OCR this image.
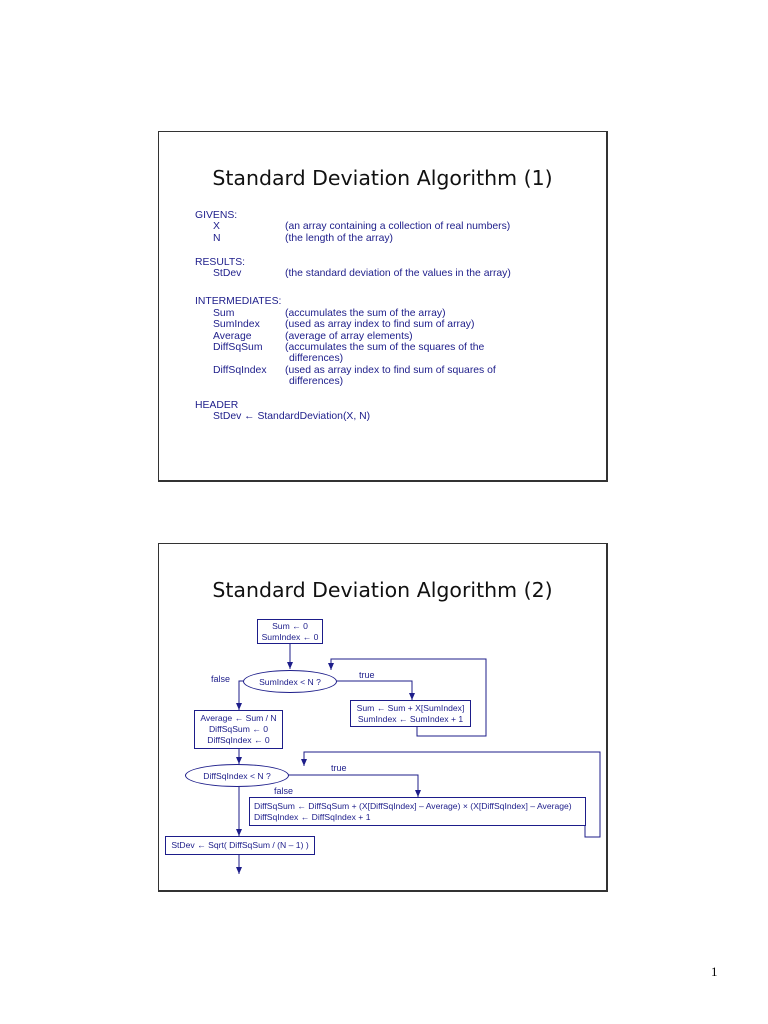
Standard Deviation Algorithm (1)
GIVENS:
X	(an array containing a collection of real numbers)
N	(the length of the array)
RESULTS:
StDev	(the standard deviation of the values in the array)
INTERMEDIATES:
Sum	(accumulates the sum of the array)
SumIndex (used as array index to find sum of array)
Average	(average of array elements)
DiffSqSum (accumulates the sum of the squares of the
differences)
DiffSqIndex (used as array index to find sum of squares of
differences)
HEADER
StDev ← StandardDeviation(X, N)
Standard Deviation Algorithm (2)
Sum ← 0
SumIndex ← 0
SumIndex < N ?
true
false
Sum ← Sum + X[SumIndex]
SumIndex ← SumIndex + 1
Average ← Sum / N
DiffSqSum ← 0
DiffSqIndex ← 0
DiffSqIndex < N ?
true
false
DiffSqSum ← DiffSqSum + (X[DiffSqIndex] – Average) × (X[DiffSqIndex] – Average)
DiffSqIndex ← DiffSqIndex + 1
StDev ← Sqrt( DiffSqSum / (N – 1) )
1
